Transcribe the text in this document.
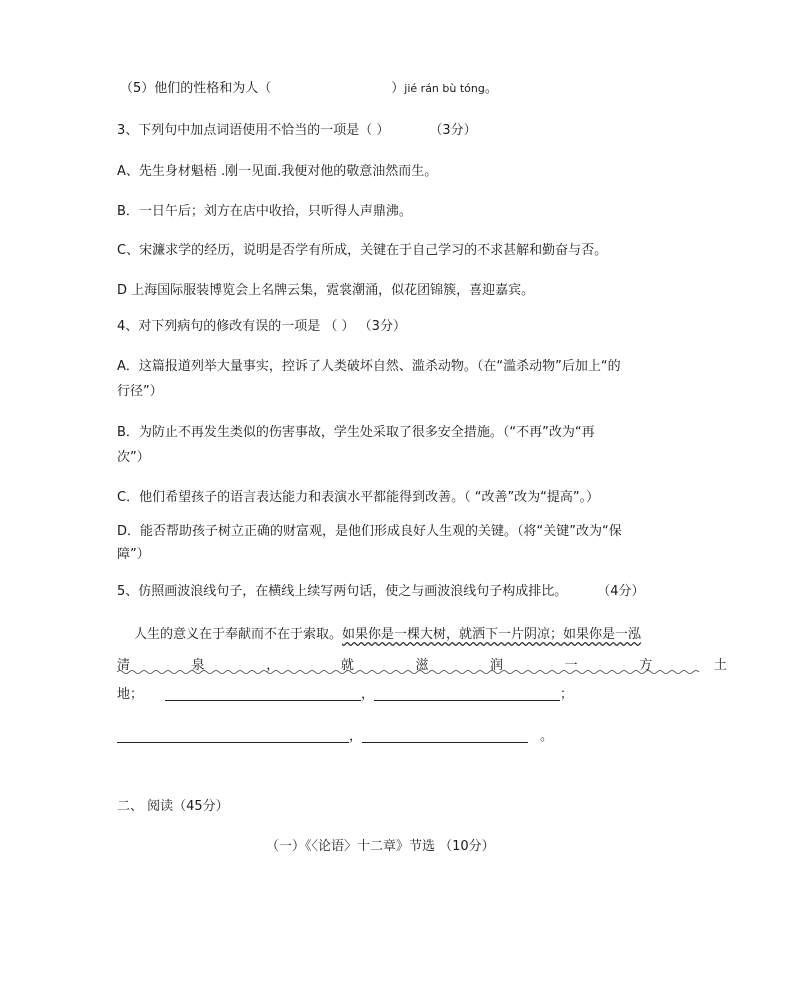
（5）他们的性格和为人（	）jié rán bù tóng。
3、下列句中加点词语使用不恰当的一项是（ ）	（3分）
A、先生身材魁梧 .刚一见面.我便对他的敬意油然而生。
B．一日午后；刘方在店中收拾，只听得人声鼎沸。
C、宋濂求学的经历，说明是否学有所成，关键在于自己学习的不求甚解和勤奋与否。
D 上海国际服装博览会上名牌云集，霓裳潮涌，似花团锦簇，喜迎嘉宾。
4、对下列病句的修改有误的一项是 （ ） （3分）
A．这篇报道列举大量事实，控诉了人类破坏自然、滥杀动物。（在“滥杀动物”后加上“的
行径”）
B．为防止不再发生类似的伤害事故，学生处采取了很多安全措施。（“不再”改为“再
次”）
C．他们希望孩子的语言表达能力和表演水平都能得到改善。（ “改善”改为“提高”。）
D．能否帮助孩子树立正确的财富观，是他们形成良好人生观的关键。（将“关键”改为“保
障”）
5、仿照画波浪线句子，在横线上续写两句话，使之与画波浪线句子构成排比。 （4分）
人生的意义在于奉献而不在于索取。如果你是一棵大树，就洒下一片阴凉；如果你是一泓
清	泉	，	就	滋	润	一	方	土
地；	，	；
，	。
二、 阅读（45分）
（一）《〈论语〉十二章》节选 （10分）
